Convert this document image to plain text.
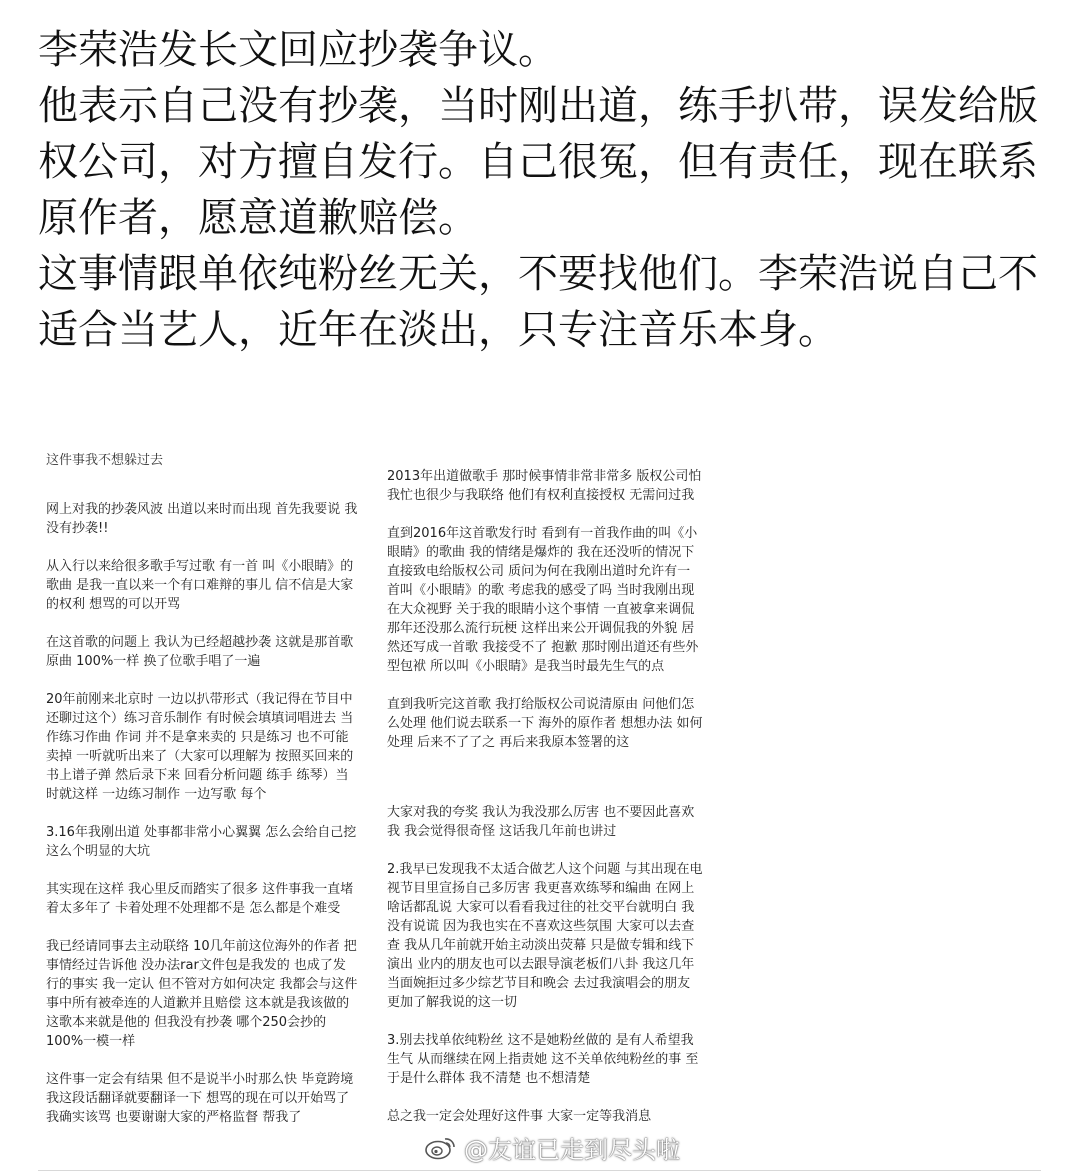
李荣浩发长文回应抄袭争议。

他表示自己没有抄袭，当时刚出道，练手扒带，误发给版权公司，对方擅自发行。自己很冤，但有责任，现在联系原作者，愿意道歉赔偿。

这事情跟单依纯粉丝无关，不要找他们。李荣浩说自己不适合当艺人，近年在淡出，只专注音乐本身。

这件事我不想躲过去

网上对我的抄袭风波 出道以来时而出现 首先我要说 我没有抄袭!!

从入行以来给很多歌手写过歌 有一首 叫《小眼睛》的歌曲 是我一直以来一个有口难辩的事儿 信不信是大家的权利 想骂的可以开骂

在这首歌的问题上 我认为已经超越抄袭 这就是那首歌原曲 100%一样 换了位歌手唱了一遍

20年前刚来北京时 一边以扒带形式（我记得在节目中还聊过这个）练习音乐制作 有时候会填填词唱进去 当作练习作曲 作词 并不是拿来卖的 只是练习 也不可能卖掉 一听就听出来了（大家可以理解为 按照买回来的书上谱子弹 然后录下来 回看分析问题 练手 练琴）当时就这样 一边练习制作 一边写歌 每个

3.16年我刚出道 处事都非常小心翼翼 怎么会给自己挖这么个明显的大坑

其实现在这样 我心里反而踏实了很多 这件事我一直堵着太多年了 卡着处理不处理都不是 怎么都是个难受

我已经请同事去主动联络 10几年前这位海外的作者 把事情经过告诉他 没办法rar文件包是我发的 也成了发行的事实 我一定认 但不管对方如何决定 我都会与这件事中所有被牵连的人道歉并且赔偿 这本就是我该做的 这歌本来就是他的 但我没有抄袭 哪个250会抄的100%一模一样

这件事一定会有结果 但不是说半小时那么快 毕竟跨境 我这段话翻译就要翻译一下 想骂的现在可以开始骂了 我确实该骂 也要谢谢大家的严格监督 帮我了

2013年出道做歌手 那时候事情非常非常多 版权公司怕我忙也很少与我联络 他们有权利直接授权 无需问过我

直到2016年这首歌发行时 看到有一首我作曲的叫《小眼睛》的歌曲 我的情绪是爆炸的 我在还没听的情况下 直接致电给版权公司 质问为何在我刚出道时允许有一首叫《小眼睛》的歌 考虑我的感受了吗 当时我刚出现在大众视野 关于我的眼睛小这个事情 一直被拿来调侃 那年还没那么流行玩梗 这样出来公开调侃我的外貌 居然还写成一首歌 我接受不了 抱歉 那时刚出道还有些外型包袱 所以叫《小眼睛》是我当时最先生气的点

直到我听完这首歌 我打给版权公司说清原由 问他们怎么处理 他们说去联系一下 海外的原作者 想想办法 如何处理 后来不了了之 再后来我原本签署的这

大家对我的夸奖 我认为我没那么厉害 也不要因此喜欢我 我会觉得很奇怪 这话我几年前也讲过

2.我早已发现我不太适合做艺人这个问题 与其出现在电视节目里宣扬自己多厉害 我更喜欢练琴和编曲 在网上啥话都乱说 大家可以看看我过往的社交平台就明白 我没有说谎 因为我也实在不喜欢这些氛围 大家可以去查查 我从几年前就开始主动淡出荧幕 只是做专辑和线下演出 业内的朋友也可以去跟导演老板们八卦 我这几年当面婉拒过多少综艺节目和晚会 去过我演唱会的朋友更加了解我说的这一切

3.别去找单依纯粉丝 这不是她粉丝做的 是有人希望我生气 从而继续在网上指责她 这不关单依纯粉丝的事 至于是什么群体 我不清楚 也不想清楚

总之我一定会处理好这件事 大家一定等我消息

@友谊已走到尽头啦
